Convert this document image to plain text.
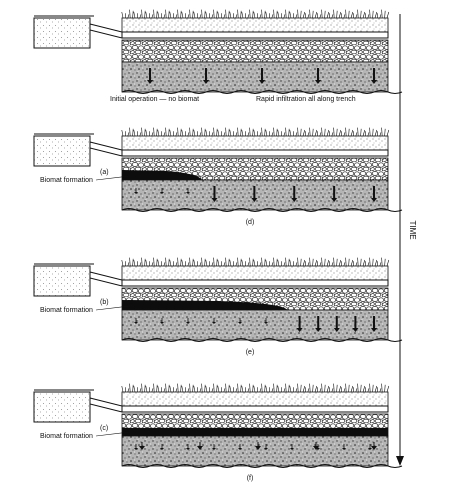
(a)
Biomat formation
(d)
(b)
Biomat formation
(e)
(c)
Biomat formation
(f)
TIME
Initial operation — no biomat	Rapid infiltration all along trench
